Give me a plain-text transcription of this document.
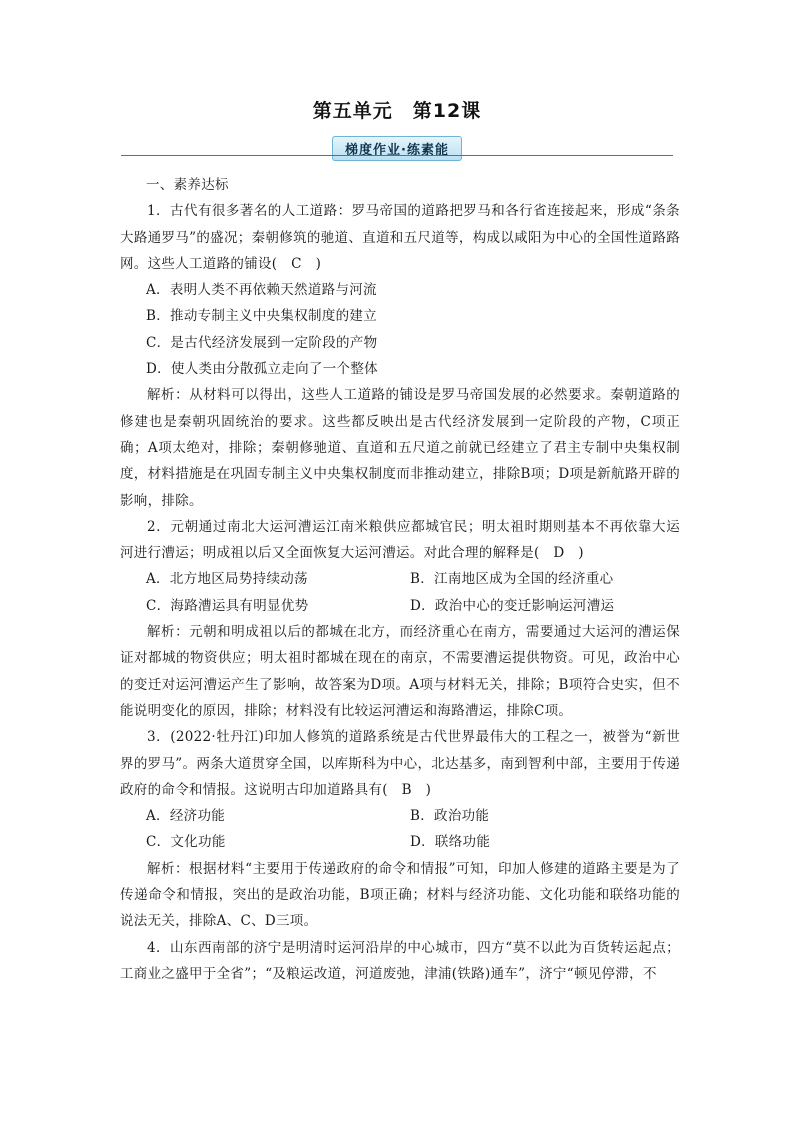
第五单元　第12课
梯度作业·练素能

一、素养达标

1．古代有很多著名的人工道路：罗马帝国的道路把罗马和各行省连接起来，形成“条条大路通罗马”的盛况；秦朝修筑的驰道、直道和五尺道等，构成以咸阳为中心的全国性道路路网。这些人工道路的铺设(　C　)

A．表明人类不再依赖天然道路与河流

B．推动专制主义中央集权制度的建立

C．是古代经济发展到一定阶段的产物

D．使人类由分散孤立走向了一个整体

解析：从材料可以得出，这些人工道路的铺设是罗马帝国发展的必然要求。秦朝道路的修建也是秦朝巩固统治的要求。这些都反映出是古代经济发展到一定阶段的产物，C项正确；A项太绝对，排除；秦朝修驰道、直道和五尺道之前就已经建立了君主专制中央集权制度，材料措施是在巩固专制主义中央集权制度而非推动建立，排除B项；D项是新航路开辟的影响，排除。

2．元朝通过南北大运河漕运江南米粮供应都城官民；明太祖时期则基本不再依靠大运河进行漕运；明成祖以后又全面恢复大运河漕运。对此合理的解释是(　D　)

A．北方地区局势持续动荡	B．江南地区成为全国的经济重心
C．海路漕运具有明显优势	D．政治中心的变迁影响运河漕运

解析：元朝和明成祖以后的都城在北方，而经济重心在南方，需要通过大运河的漕运保证对都城的物资供应；明太祖时都城在现在的南京，不需要漕运提供物资。可见，政治中心的变迁对运河漕运产生了影响，故答案为D项。A项与材料无关，排除；B项符合史实，但不能说明变化的原因，排除；材料没有比较运河漕运和海路漕运，排除C项。

3．(2022·牡丹江)印加人修筑的道路系统是古代世界最伟大的工程之一，被誉为“新世界的罗马”。两条大道贯穿全国，以库斯科为中心，北达基多，南到智利中部，主要用于传递政府的命令和情报。这说明古印加道路具有(　B　)

A．经济功能	B．政治功能
C．文化功能	D．联络功能

解析：根据材料“主要用于传递政府的命令和情报”可知，印加人修建的道路主要是为了传递命令和情报，突出的是政治功能，B项正确；材料与经济功能、文化功能和联络功能的说法无关，排除A、C、D三项。

4．山东西南部的济宁是明清时运河沿岸的中心城市，四方“莫不以此为百货转运起点；工商业之盛甲于全省”；“及粮运改道，河道废弛，津浦(铁路)通车”，济宁“顿见停滞，不
